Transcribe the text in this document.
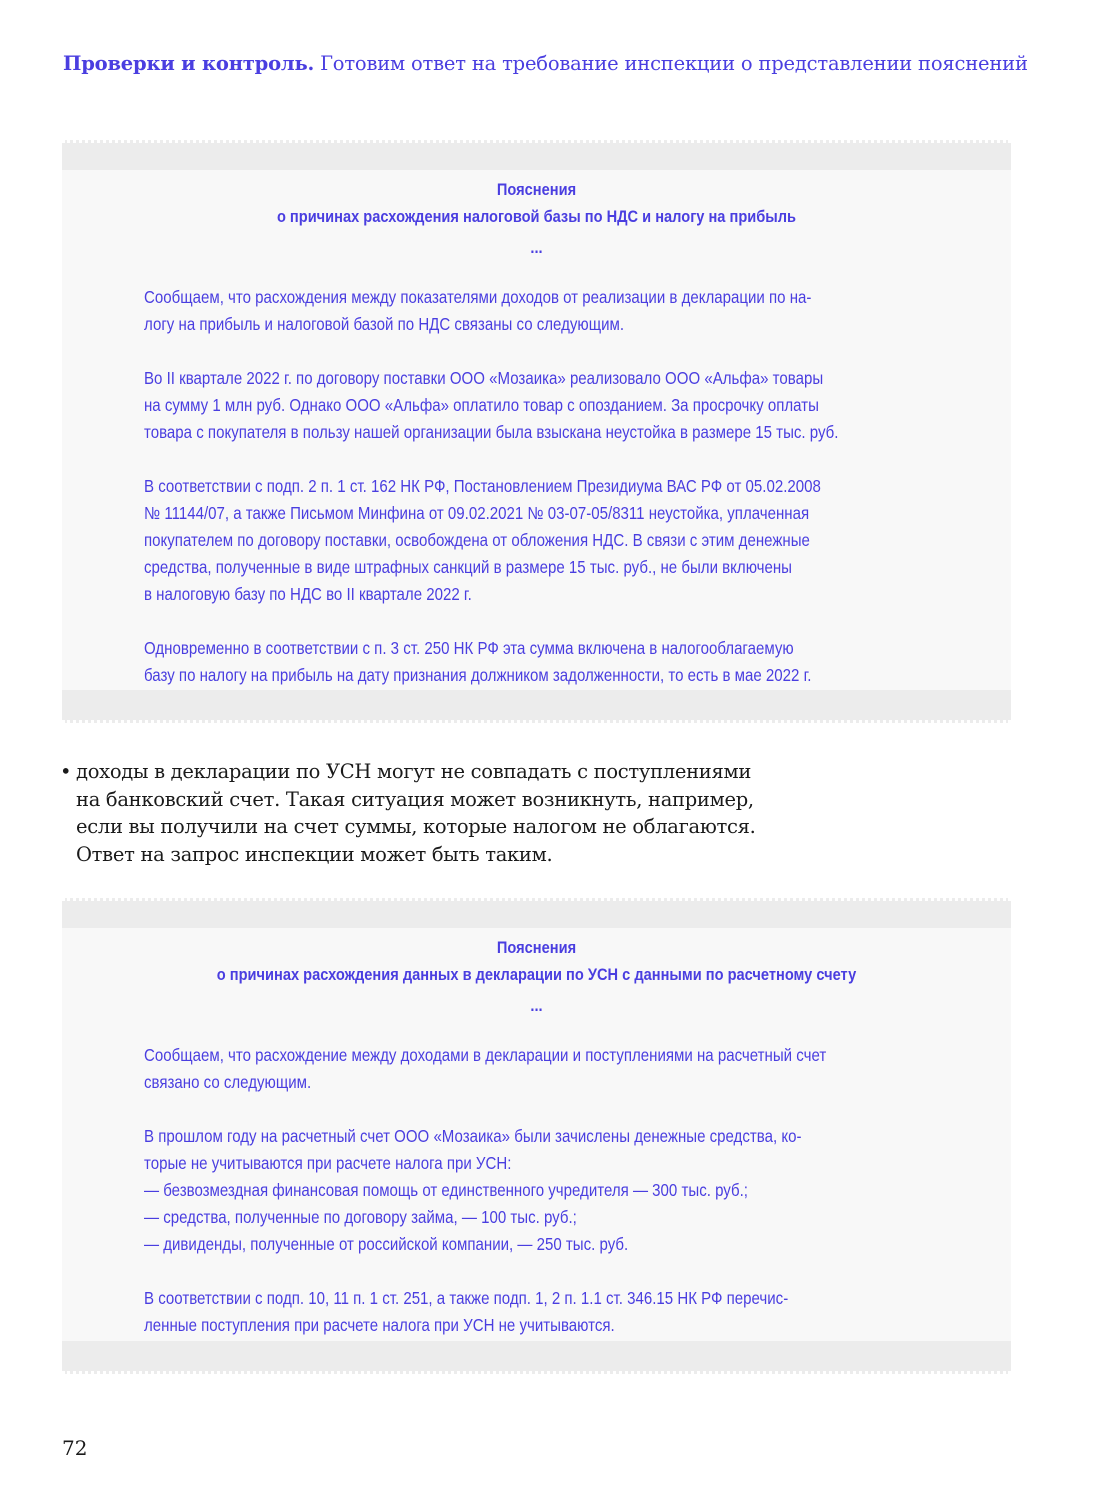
Проверки и контроль. Готовим ответ на требование инспекции о представлении пояснений
Пояснения
о причинах расхождения налоговой базы по НДС и налогу на прибыль
...
Сообщаем, что расхождения между показателями доходов от реализации в декларации по на-
логу на прибыль и налоговой базой по НДС связаны со следующим.

Во II квартале 2022 г. по договору поставки ООО «Мозаика» реализовало ООО «Альфа» товары
на сумму 1 млн руб. Однако ООО «Альфа» оплатило товар с опозданием. За просрочку оплаты
товара с покупателя в пользу нашей организации была взыскана неустойка в размере 15 тыс. руб.

В соответствии с подп. 2 п. 1 ст. 162 НК РФ, Постановлением Президиума ВАС РФ от 05.02.2008
№ 11144/07, а также Письмом Минфина от 09.02.2021 № 03-07-05/8311 неустойка, уплаченная
покупателем по договору поставки, освобождена от обложения НДС. В связи с этим денежные
средства, полученные в виде штрафных санкций в размере 15 тыс. руб., не были включены
в налоговую базу по НДС во II квартале 2022 г.

Одновременно в соответствии с п. 3 ст. 250 НК РФ эта сумма включена в налогооблагаемую
базу по налогу на прибыль на дату признания должником задолженности, то есть в мае 2022 г.
• доходы в декларации по УСН могут не совпадать с поступлениями
на банковский счет. Такая ситуация может возникнуть, например,
если вы получили на счет суммы, которые налогом не облагаются.
Ответ на запрос инспекции может быть таким.
Пояснения
о причинах расхождения данных в декларации по УСН с данными по расчетному счету
...
Сообщаем, что расхождение между доходами в декларации и поступлениями на расчетный счет
связано со следующим.

В прошлом году на расчетный счет ООО «Мозаика» были зачислены денежные средства, ко-
торые не учитываются при расчете налога при УСН:
— безвозмездная финансовая помощь от единственного учредителя — 300 тыс. руб.;
— средства, полученные по договору займа, — 100 тыс. руб.;
— дивиденды, полученные от российской компании, — 250 тыс. руб.

В соответствии с подп. 10, 11 п. 1 ст. 251, а также подп. 1, 2 п. 1.1 ст. 346.15 НК РФ перечис-
ленные поступления при расчете налога при УСН не учитываются.
72
